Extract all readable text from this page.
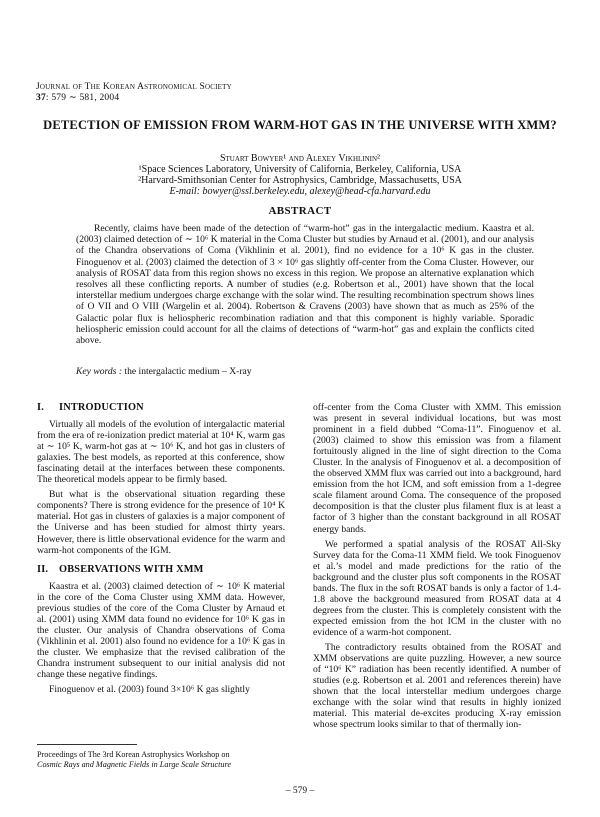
Journal of The Korean Astronomical Society
37: 579 ∼ 581, 2004
DETECTION OF EMISSION FROM WARM-HOT GAS IN THE UNIVERSE WITH XMM?
Stuart Bowyer¹ and Alexey Vikhlinin²
¹Space Sciences Laboratory, University of California, Berkeley, California, USA
²Harvard-Smithsonian Center for Astrophysics, Cambridge, Massachusetts, USA
E-mail: bowyer@ssl.berkeley.edu, alexey@head-cfa.harvard.edu
ABSTRACT
Recently, claims have been made of the detection of “warm-hot” gas in the intergalactic medium. Kaastra et al. (2003) claimed detection of ∼ 10⁶ K material in the Coma Cluster but studies by Arnaud et al. (2001), and our analysis of the Chandra observations of Coma (Vikhlinin et al. 2001), find no evidence for a 10⁶ K gas in the cluster. Finoguenov et al. (2003) claimed the detection of 3 × 10⁶ gas slightly off-center from the Coma Cluster. However, our analysis of ROSAT data from this region shows no excess in this region. We propose an alternative explanation which resolves all these conflicting reports. A number of studies (e.g. Robertson et al., 2001) have shown that the local interstellar medium undergoes charge exchange with the solar wind. The resulting recombination spectrum shows lines of O VII and O VIII (Wargelin et al. 2004). Robertson & Cravens (2003) have shown that as much as 25% of the Galactic polar flux is heliospheric recombination radiation and that this component is highly variable. Sporadic heliospheric emission could account for all the claims of detections of “warm-hot” gas and explain the conflicts cited above.
Key words : the intergalactic medium – X-ray
I. INTRODUCTION

Virtually all models of the evolution of intergalactic material from the era of re-ionization predict material at 10⁴ K, warm gas at ∼ 10⁵ K, warm-hot gas at ∼ 10⁶ K, and hot gas in clusters of galaxies. The best models, as reported at this conference, show fascinating detail at the interfaces between these components. The theoretical models appear to be firmly based.

But what is the observational situation regarding these components? There is strong evidence for the presence of 10⁴ K material. Hot gas in clusters of galaxies is a major component of the Universe and has been studied for almost thirty years. However, there is little observational evidence for the warm and warm-hot components of the IGM.

II. OBSERVATIONS WITH XMM

Kaastra et al. (2003) claimed detection of ∼ 10⁶ K material in the core of the Coma Cluster using XMM data. However, previous studies of the core of the Coma Cluster by Arnaud et al. (2001) using XMM data found no evidence for 10⁶ K gas in the cluster. Our analysis of Chandra observations of Coma (Vikhlinin et al. 2001) also found no evidence for a 10⁶ K gas in the cluster. We emphasize that the revised calibration of the Chandra instrument subsequent to our initial analysis did not change these negative findings.

Finoguenov et al. (2003) found 3×10⁶ K gas slightly

off-center from the Coma Cluster with XMM. This emission was present in several individual locations, but was most prominent in a field dubbed “Coma-11”. Finoguenov et al. (2003) claimed to show this emission was from a filament fortuitously aligned in the line of sight direction to the Coma Cluster. In the analysis of Finoguenov et al. a decomposition of the observed XMM flux was carried out into a background, hard emission from the hot ICM, and soft emission from a 1-degree scale filament around Coma. The consequence of the proposed decomposition is that the cluster plus filament flux is at least a factor of 3 higher than the constant background in all ROSAT energy bands.

We performed a spatial analysis of the ROSAT All-Sky Survey data for the Coma-11 XMM field. We took Finoguenov et al.’s model and made predictions for the ratio of the background and the cluster plus soft components in the ROSAT bands. The flux in the soft ROSAT bands is only a factor of 1.4-1.8 above the background measured from ROSAT data at 4 degrees from the cluster. This is completely consistent with the expected emission from the hot ICM in the cluster with no evidence of a warm-hot component.

The contradictory results obtained from the ROSAT and XMM observations are quite puzzling. However, a new source of “10⁶ K” radiation has been recently identified. A number of studies (e.g. Robertson et al. 2001 and references therein) have shown that the local interstellar medium undergoes charge exchange with the solar wind that results in highly ionized material. This material de-excites producing X-ray emission whose spectrum looks similar to that of thermally ion-

Proceedings of The 3rd Korean Astrophysics Workshop on
Cosmic Rays and Magnetic Fields in Large Scale Structure
– 579 –
